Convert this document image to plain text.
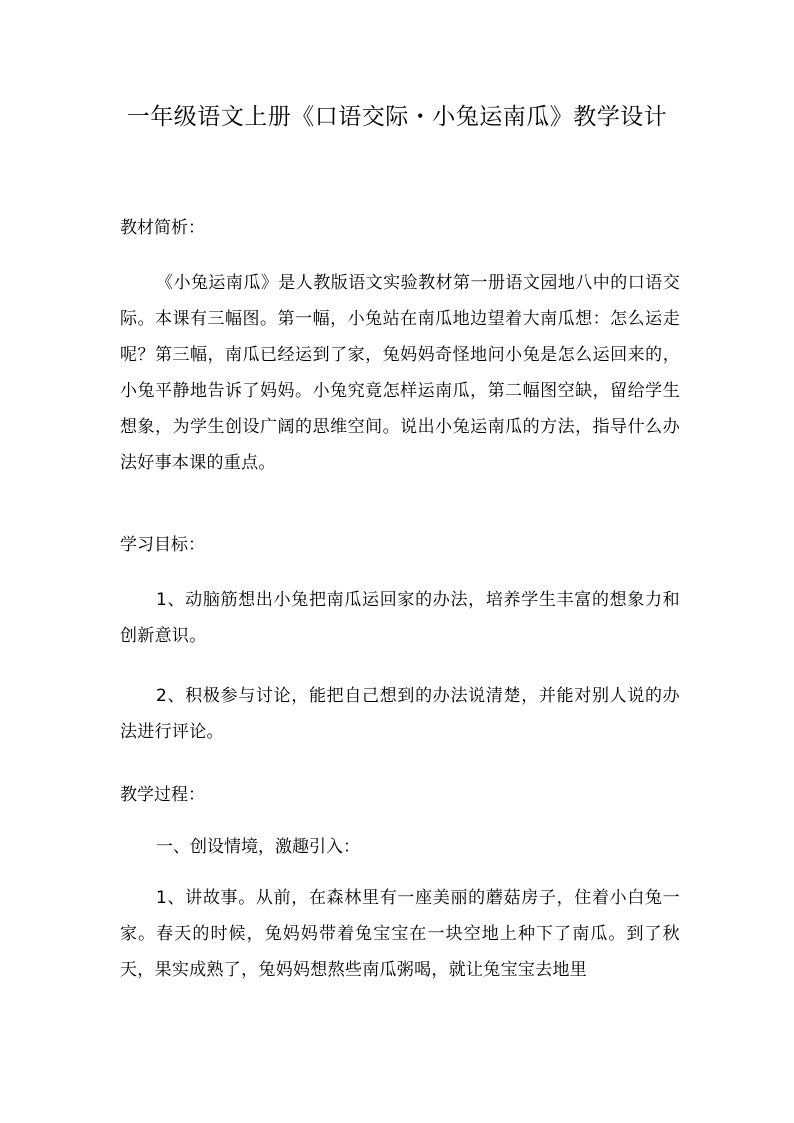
一年级语文上册《口语交际・小兔运南瓜》教学设计
教材简析：
《小兔运南瓜》是人教版语文实验教材第一册语文园地八中的口语交际。本课有三幅图。第一幅，小兔站在南瓜地边望着大南瓜想：怎么运走呢？第三幅，南瓜已经运到了家，兔妈妈奇怪地问小兔是怎么运回来的，小兔平静地告诉了妈妈。小兔究竟怎样运南瓜，第二幅图空缺，留给学生想象，为学生创设广阔的思维空间。说出小兔运南瓜的方法，指导什么办法好事本课的重点。
学习目标：
1、动脑筋想出小兔把南瓜运回家的办法，培养学生丰富的想象力和创新意识。
2、积极参与讨论，能把自己想到的办法说清楚，并能对别人说的办法进行评论。
教学过程：
一、创设情境，激趣引入：
1、讲故事。从前，在森林里有一座美丽的蘑菇房子，住着小白兔一家。春天的时候，兔妈妈带着兔宝宝在一块空地上种下了南瓜。到了秋天，果实成熟了，兔妈妈想熬些南瓜粥喝，就让兔宝宝去地里
